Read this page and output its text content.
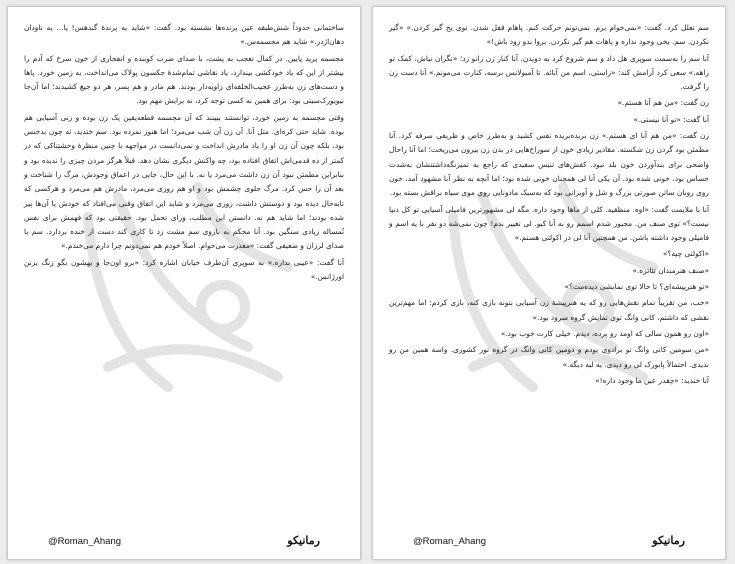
ساختمانی حدوداً شش‌طبقه عین پرنده‌ها نشسته بود. گفت: «شاید یه پرندهٔ گندهس! یا... یه ناودان دهان‌اژدر.» شاید هم مجسمه‌س.»

مجسمه پرید پایین. در کمال تعجب به پشت، با صدای ضرب کوبنده و انفجاری از خون سرخ که آدم را بیشتر از این که یاد خودکشی بیندازد، یاد نقاشی تمام‌شدهٔ جکسون پولاک می‌انداخت، به زمین خورد. پاها و دست‌های زن به‌طرز عجیب‌الخلقه‌ای زاویه‌دار بودند. هم مادر و هم پسر، هر دو جیغ کشیدند؛ اما آن‌جا نیویورک‌سیتی بود: برای همین نه کسی توجه کرد، نه برایش مهم بود.

وقتی مجسمه به زمین خورد، توانستند ببینند که آن مجسمه قطعه‌یقین یک زن بوده و زنی آسیایی هم بوده. شاید حتی کره‌ای. مثل آنا. آن زن آن شب می‌مرد؛ اما هنوز نمرده بود. سم خندید، نه چون بدجنس بود، بلکه چون آن زن او را یاد مادرش انداخت و نمی‌دانست در مواجهه با چنین منظرهٔ وحشتناکی که در کمتر از ده قدمی‌اش اتفاق افتاده بود، چه واکنش دیگری نشان دهد. قبلاً هرگز مردن چیزی را ندیده بود و بنابراین مطمئن نبود آن زن داشت می‌مرد یا نه. با این حال، جایی در اعماق وجودش، مرگ را شناخت و بعد آن را حس کرد. مرگ جلوی چشمش بود و او هم روزی می‌مرد، مادرش هم می‌مرد و هرکسی که تابه‌حال دیده بود و دوستش داشت، روزی می‌مرد و شاید این اتفاق وقتی می‌افتاد که خودش یا آن‌ها پیر شده بودند؛ اما شاید هم نه. دانستن این مطلب، ورای تحمل بود. حقیقتی بود که فهمش برای نفس تُمساله زیادی سنگین بود. آنا محکم به بازوی سم مشت زد تا کاری کند دست از خنده بردارد. سم با صدای لرزان و ضعیفی گفت: «معذرت می‌خوام. اصلاً خودم هم نمی‌دونم چرا دارم می‌خندم.»

آنا گفت: «عیبی نداره.» به سوپری آن‌طرف خیابان اشاره کرد: «برو اون‌جا و بهشون بگو زنگ بزنن اورژانس.»

@Roman_Ahang	رمانیکو

سم تعلل کرد. گفت: «نمی‌خوام برم. نمی‌تونم حرکت کنم. پاهام قفل شدن. توی یخ گیر کردن.» «گیر نکردن. سم. یخی وجود نداره و پاهات هم گیر نکردن. بروا بدو زود باش!»

آنا سم را به‌سمت سوپری هل داد و سم شروع کرد به دویدن. آنا کنار زن زانو زد؛ «نگران نباش، کمک تو راهه.» سعی کرد آرامش کند: «راستی، اسم من آنائه. تا آمبولانس برسه، کنارت می‌مونم.» آنا دست زن را گرفت.

زن گفت: «من هم آنا هستم.»

آنا گفت: «تو آنا نیستی.»

زن گفت: «من هم آنا ای هستم.» زن بریده‌بریده نفس کشید و به‌طرز خاص و ظریفی سرفه کرد. آنا مطمئن بود گردن زن شکسته. مقادیر زیادی خون از سوراخ‌هایی در بدن زن بیرون می‌ریخت؛ اما آنا راحال واضحی برای بندآوردن خون بلد نبود. کفش‌های تنیس سفیدی که راجع به تمیزنگه‌داشتنشان به‌شدت حساس بود، خونی شده بود. آن یکی آنا لی همچنان خونی شده بود؛ اما آنچه به نظر آنا مشهود آمد، خون روی روبان ساتن صورتی بزرگ و شل و آویزانی بود که به‌سبک مادونایی روی موی سیاه براقش بسته بود.

آنا با ملایمت گفت: «اوه. منظقیه. کلی از ماها وجود داره. مگه لی مشهورترین فامیلی آسیایی تو کل دنیا نیست؟» توی صنف من. مجبور شدم اسمم رو به آنا کیو. لی تغییر بدم! چون نمی‌شه دو نفر با یه اسم و فامیلی وجود داشته باشن. من همچنین آنا لی در اکولتی هستم.»

«اکولتی چیه؟»

«صنف هنرمندان تئاتره.»

«تو هنرپیشه‌ای؟ تا حالا توی نمایشی دیده‌مت؟»

«خب، من تقریباً تمام نقش‌هایی رو که یه هنرپیشهٔ زن آسیایی بتونه بازی کنه، بازی کردم: اما مهم‌ترین نقشی که داشتم، کانی وانگ توی نمایش گروه سرود بود.»

«اون رو همون سالی که اومد رو پرده، دیدم. خیلی کارت خوب بود.»

«من سومین کانی وانگ تو برادوی بودم و دومین کانی وانگ در گروه تور کشوری. واسه همین من رو ندیدی. احتمالاً پابورک لی رو دیدی. یه لبه دیگه.»

آنا خندید: «چقدر عین ما وجود داره!»

@Roman_Ahang	رمانیکو
